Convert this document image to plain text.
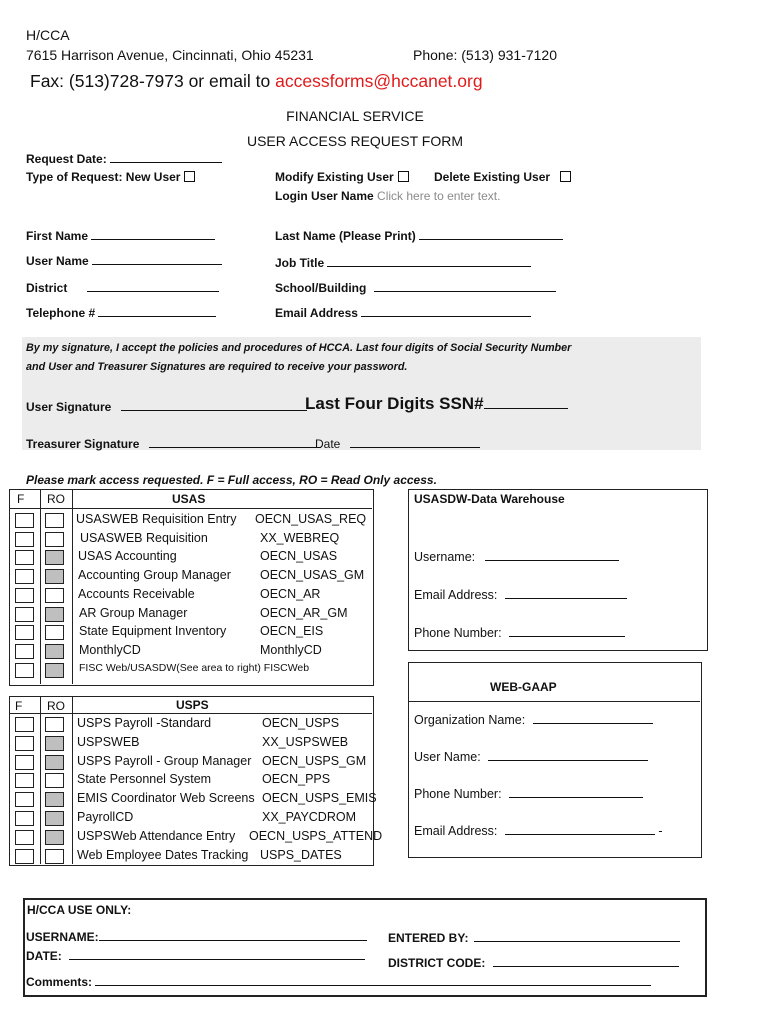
H/CCA
7615 Harrison Avenue, Cincinnati, Ohio 45231	Phone: (513) 931-7120
Fax: (513)728-7973 or email to accessforms@hccanet.org
FINANCIAL SERVICE
USER ACCESS REQUEST FORM
Request Date:
Type of Request: New User	Modify Existing User	Delete Existing User
Login User Name Click here to enter text.
First Name	Last Name (Please Print)
User Name	Job Title
District	School/Building
Telephone #	Email Address
By my signature, I accept the policies and procedures of HCCA. Last four digits of Social Security Number
and User and Treasurer Signatures are required to receive your password.
User Signature	Last Four Digits SSN#
Treasurer Signature	Date
Please mark access requested. F = Full access, RO = Read Only access.
F RO	USAS
USASWEB Requisition Entry OECN_USAS_REQ
USASWEB Requisition	XX_WEBREQ
USAS Accounting	OECN_USAS
Accounting Group Manager OECN_USAS_GM
Accounts Receivable	OECN_AR
AR Group Manager	OECN_AR_GM
State Equipment Inventory	OECN_EIS
MonthlyCD	MonthlyCD
FISC Web/USASDW(See area to right) FISCWeb
USASDW-Data Warehouse
Username:
Email Address:
Phone Number:
F RO	USPS
USPS Payroll -Standard	OECN_USPS
USPSWEB	XX_USPSWEB
USPS Payroll - Group Manager OECN_USPS_GM
State Personnel System	OECN_PPS
EMIS Coordinator Web Screens OECN_USPS_EMIS
PayrollCD	XX_PAYCDROM
USPSWeb Attendance Entry OECN_USPS_ATTEND
Web Employee Dates Tracking USPS_DATES
WEB-GAAP
Organization Name:
User Name:
Phone Number:
Email Address:	-
H/CCA USE ONLY:
USERNAME:
DATE:
Comments:
ENTERED BY:
DISTRICT CODE:
